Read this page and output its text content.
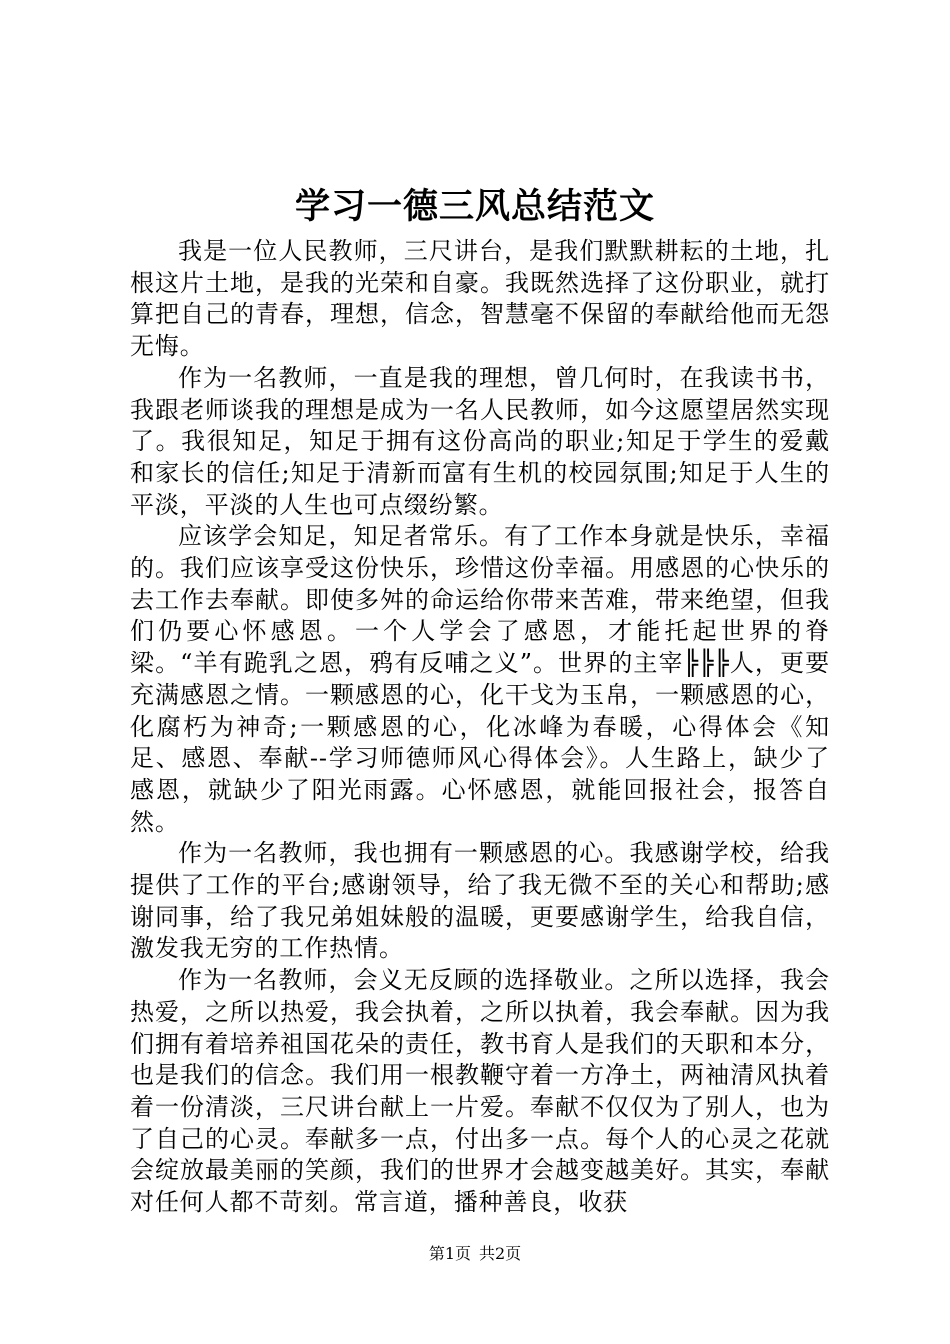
学习一德三风总结范文

我是一位人民教师，三尺讲台，是我们默默耕耘的土地，扎根这片土地，是我的光荣和自豪。我既然选择了这份职业，就打算把自己的青春，理想，信念，智慧毫不保留的奉献给他而无怨无悔。

作为一名教师，一直是我的理想，曾几何时，在我读书书，我跟老师谈我的理想是成为一名人民教师，如今这愿望居然实现了。我很知足，知足于拥有这份高尚的职业;知足于学生的爱戴和家长的信任;知足于清新而富有生机的校园氛围;知足于人生的平淡，平淡的人生也可点缀纷繁。

应该学会知足，知足者常乐。有了工作本身就是快乐，幸福的。我们应该享受这份快乐，珍惜这份幸福。用感恩的心快乐的去工作去奉献。即使多舛的命运给你带来苦难，带来绝望，但我们仍要心怀感恩。一个人学会了感恩，才能托起世界的脊梁。“羊有跪乳之恩，鸦有反哺之义”。世界的主宰╠╠╠人，更要充满感恩之情。一颗感恩的心，化干戈为玉帛，一颗感恩的心，化腐朽为神奇;一颗感恩的心，化冰峰为春暖，心得体会《知足、感恩、奉献--学习师德师风心得体会》。人生路上，缺少了感恩，就缺少了阳光雨露。心怀感恩，就能回报社会，报答自然。

作为一名教师，我也拥有一颗感恩的心。我感谢学校，给我提供了工作的平台;感谢领导，给了我无微不至的关心和帮助;感谢同事，给了我兄弟姐妹般的温暖，更要感谢学生，给我自信，激发我无穷的工作热情。

作为一名教师，会义无反顾的选择敬业。之所以选择，我会热爱，之所以热爱，我会执着，之所以执着，我会奉献。因为我们拥有着培养祖国花朵的责任，教书育人是我们的天职和本分，也是我们的信念。我们用一根教鞭守着一方净土，两袖清风执着着一份清淡，三尺讲台献上一片爱。奉献不仅仅为了别人，也为了自己的心灵。奉献多一点，付出多一点。每个人的心灵之花就会绽放最美丽的笑颜，我们的世界才会越变越美好。其实，奉献对任何人都不苛刻。常言道，播种善良，收获

第1页 共2页
